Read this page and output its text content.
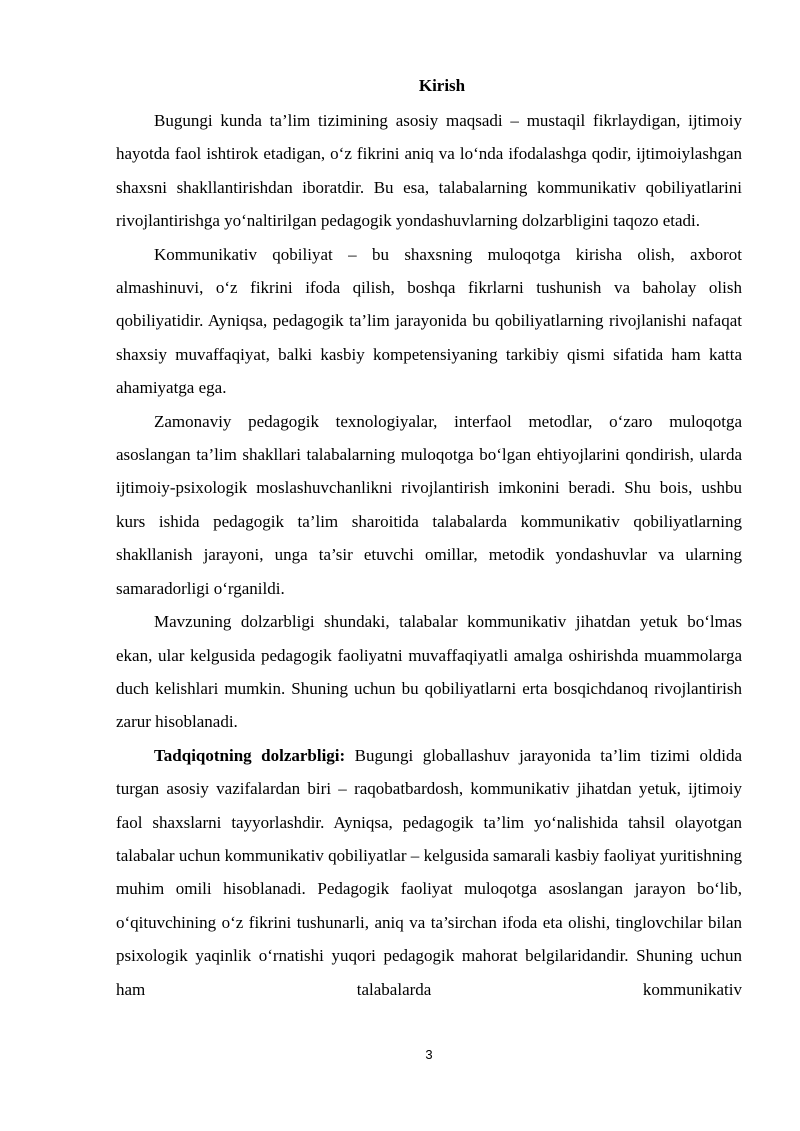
Kirish

Bugungi kunda ta’lim tizimining asosiy maqsadi – mustaqil fikrlaydigan, ijtimoiy hayotda faol ishtirok etadigan, o‘z fikrini aniq va lo‘nda ifodalashga qodir, ijtimoiylashgan shaxsni shakllantirishdan iboratdir. Bu esa, talabalarning kommunikativ qobiliyatlarini rivojlantirishga yo‘naltirilgan pedagogik yondashuvlarning dolzarbligini taqozo etadi.

Kommunikativ qobiliyat – bu shaxsning muloqotga kirisha olish, axborot almashinuvi, o‘z fikrini ifoda qilish, boshqa fikrlarni tushunish va baholay olish qobiliyatidir. Ayniqsa, pedagogik ta’lim jarayonida bu qobiliyatlarning rivojlanishi nafaqat shaxsiy muvaffaqiyat, balki kasbiy kompetensiyaning tarkibiy qismi sifatida ham katta ahamiyatga ega.

Zamonaviy pedagogik texnologiyalar, interfaol metodlar, o‘zaro muloqotga asoslangan ta’lim shakllari talabalarning muloqotga bo‘lgan ehtiyojlarini qondirish, ularda ijtimoiy-psixologik moslashuvchanlikni rivojlantirish imkonini beradi. Shu bois, ushbu kurs ishida pedagogik ta’lim sharoitida talabalarda kommunikativ qobiliyatlarning shakllanish jarayoni, unga ta’sir etuvchi omillar, metodik yondashuvlar va ularning samaradorligi o‘rganildi.

Mavzuning dolzarbligi shundaki, talabalar kommunikativ jihatdan yetuk bo‘lmas ekan, ular kelgusida pedagogik faoliyatni muvaffaqiyatli amalga oshirishda muammolarga duch kelishlari mumkin. Shuning uchun bu qobiliyatlarni erta bosqichdanoq rivojlantirish zarur hisoblanadi.

Tadqiqotning dolzarbligi: Bugungi globallashuv jarayonida ta’lim tizimi oldida turgan asosiy vazifalardan biri – raqobatbardosh, kommunikativ jihatdan yetuk, ijtimoiy faol shaxslarni tayyorlashdir. Ayniqsa, pedagogik ta’lim yo‘nalishida tahsil olayotgan talabalar uchun kommunikativ qobiliyatlar – kelgusida samarali kasbiy faoliyat yuritishning muhim omili hisoblanadi. Pedagogik faoliyat muloqotga asoslangan jarayon bo‘lib, o‘qituvchining o‘z fikrini tushunarli, aniq va ta’sirchan ifoda eta olishi, tinglovchilar bilan psixologik yaqinlik o‘rnatishi yuqori pedagogik mahorat belgilaridandir. Shuning uchun ham talabalarda kommunikativ

3
